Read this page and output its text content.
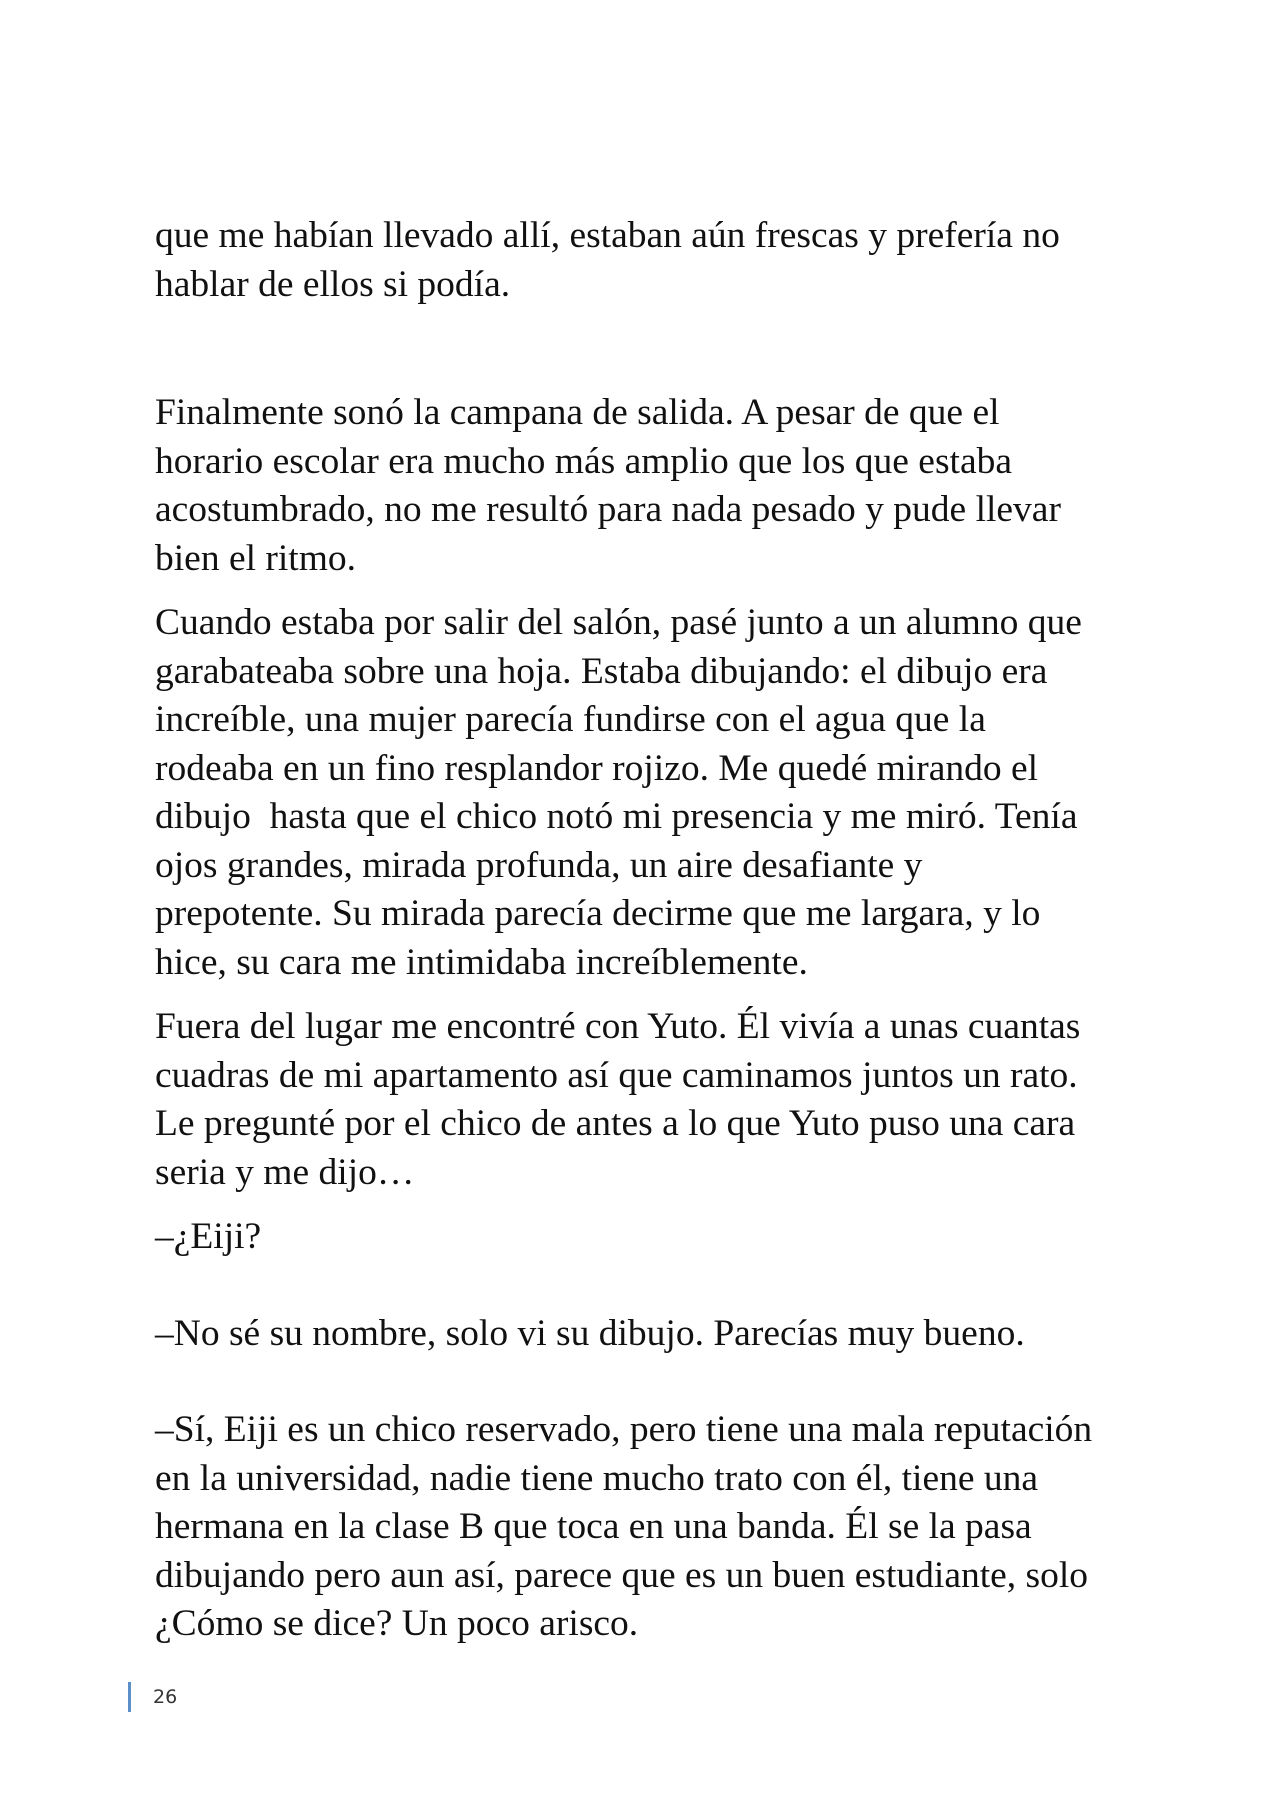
que me habían llevado allí, estaban aún frescas y prefería no
hablar de ellos si podía.

Finalmente sonó la campana de salida. A pesar de que el
horario escolar era mucho más amplio que los que estaba
acostumbrado, no me resultó para nada pesado y pude llevar
bien el ritmo.

Cuando estaba por salir del salón, pasé junto a un alumno que
garabateaba sobre una hoja. Estaba dibujando: el dibujo era
increíble, una mujer parecía fundirse con el agua que la
rodeaba en un fino resplandor rojizo. Me quedé mirando el
dibujo  hasta que el chico notó mi presencia y me miró. Tenía
ojos grandes, mirada profunda, un aire desafiante y
prepotente. Su mirada parecía decirme que me largara, y lo
hice, su cara me intimidaba increíblemente.

Fuera del lugar me encontré con Yuto. Él vivía a unas cuantas
cuadras de mi apartamento así que caminamos juntos un rato.
Le pregunté por el chico de antes a lo que Yuto puso una cara
seria y me dijo…

–¿Eiji?

–No sé su nombre, solo vi su dibujo. Parecías muy bueno.

–Sí, Eiji es un chico reservado, pero tiene una mala reputación
en la universidad, nadie tiene mucho trato con él, tiene una
hermana en la clase B que toca en una banda. Él se la pasa
dibujando pero aun así, parece que es un buen estudiante, solo
¿Cómo se dice? Un poco arisco.

26
